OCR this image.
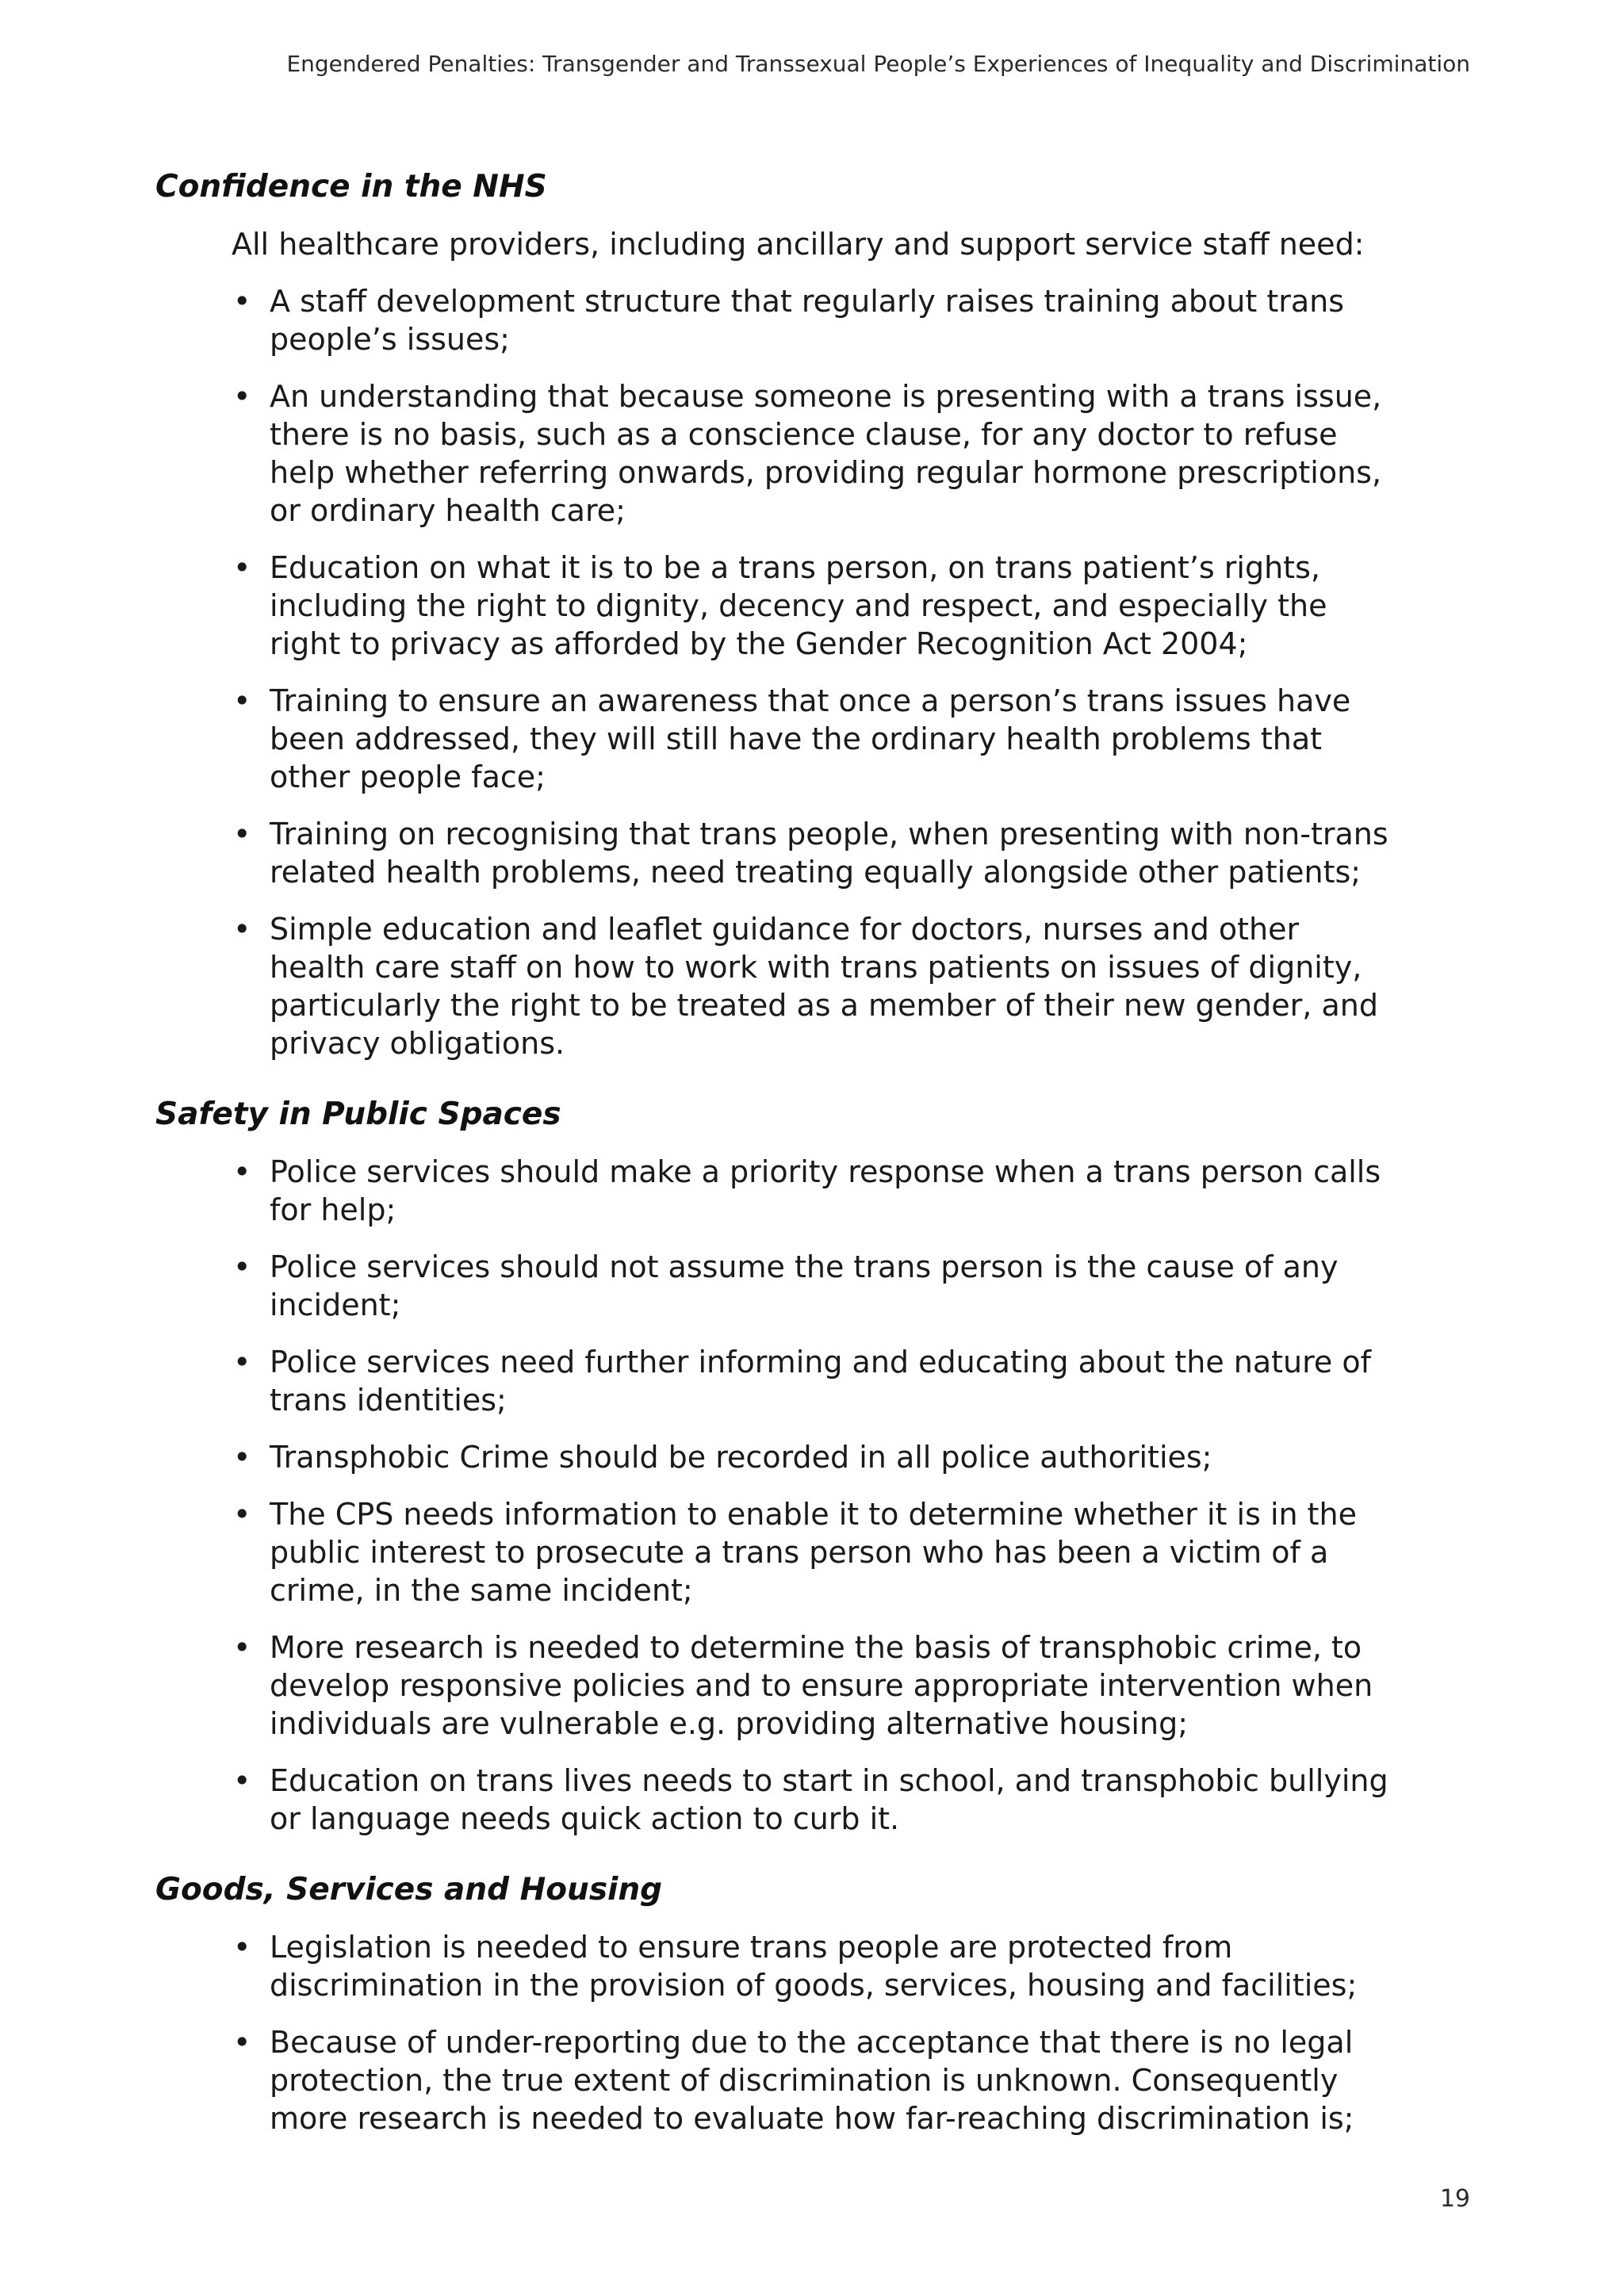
Engendered Penalties: Transgender and Transsexual People’s Experiences of Inequality and Discrimination
Confidence in the NHS

All healthcare providers, including ancillary and support service staff need:

• A staff development structure that regularly raises training about trans people’s issues;
• An understanding that because someone is presenting with a trans issue, there is no basis, such as a conscience clause, for any doctor to refuse help whether referring onwards, providing regular hormone prescriptions, or ordinary health care;
• Education on what it is to be a trans person, on trans patient’s rights, including the right to dignity, decency and respect, and especially the right to privacy as afforded by the Gender Recognition Act 2004;
• Training to ensure an awareness that once a person’s trans issues have been addressed, they will still have the ordinary health problems that other people face;
• Training on recognising that trans people, when presenting with non-trans related health problems, need treating equally alongside other patients;
• Simple education and leaflet guidance for doctors, nurses and other health care staff on how to work with trans patients on issues of dignity, particularly the right to be treated as a member of their new gender, and privacy obligations.
Safety in Public Spaces
• Police services should make a priority response when a trans person calls for help;
• Police services should not assume the trans person is the cause of any incident;
• Police services need further informing and educating about the nature of trans identities;
• Transphobic Crime should be recorded in all police authorities;
• The CPS needs information to enable it to determine whether it is in the public interest to prosecute a trans person who has been a victim of a crime, in the same incident;
• More research is needed to determine the basis of transphobic crime, to develop responsive policies and to ensure appropriate intervention when individuals are vulnerable e.g. providing alternative housing;
• Education on trans lives needs to start in school, and transphobic bullying or language needs quick action to curb it.
Goods, Services and Housing
• Legislation is needed to ensure trans people are protected from discrimination in the provision of goods, services, housing and facilities;
• Because of under-reporting due to the acceptance that there is no legal protection, the true extent of discrimination is unknown. Consequently more research is needed to evaluate how far-reaching discrimination is;
19
